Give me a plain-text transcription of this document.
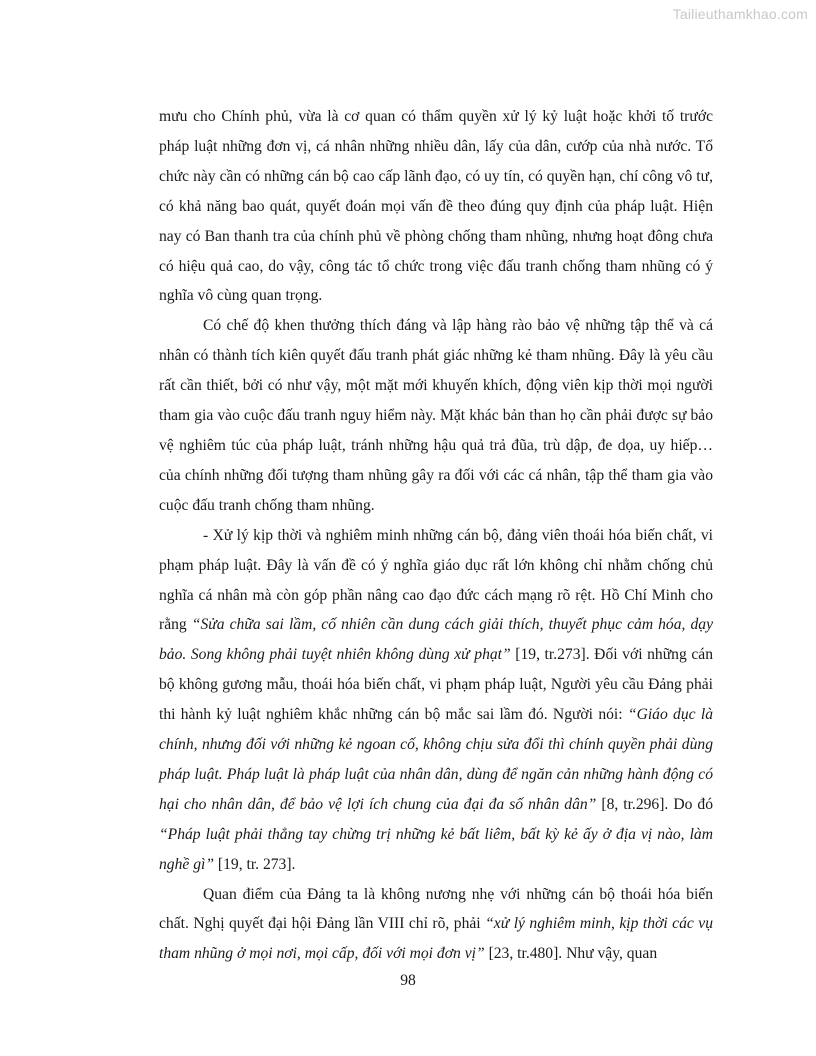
Tailieuthamkhao.com

mưu cho Chính phủ, vừa là cơ quan có thẩm quyền xử lý kỷ luật hoặc khởi tố trước pháp luật những đơn vị, cá nhân những nhiều dân, lấy của dân, cướp của nhà nước. Tổ chức này cần có những cán bộ cao cấp lãnh đạo, có uy tín, có quyền hạn, chí công vô tư, có khả năng bao quát, quyết đoán mọi vấn đề theo đúng quy định của pháp luật. Hiện nay có Ban thanh tra của chính phủ về phòng chống tham nhũng, nhưng hoạt đông chưa có hiệu quả cao, do vậy, công tác tổ chức trong việc đấu tranh chống tham nhũng có ý nghĩa vô cùng quan trọng.

Có chế độ khen thưởng thích đáng và lập hàng rào bảo vệ những tập thể và cá nhân có thành tích kiên quyết đấu tranh phát giác những kẻ tham nhũng. Đây là yêu cầu rất cần thiết, bởi có như vậy, một mặt mới khuyến khích, động viên kịp thời mọi người tham gia vào cuộc đấu tranh nguy hiểm này. Mặt khác bản than họ cần phải được sự bảo vệ nghiêm túc của pháp luật, tránh những hậu quả trả đũa, trù dập, đe dọa, uy hiếp… của chính những đối tượng tham nhũng gây ra đối với các cá nhân, tập thể tham gia vào cuộc đấu tranh chống tham nhũng.

- Xử lý kịp thời và nghiêm minh những cán bộ, đảng viên thoái hóa biến chất, vi phạm pháp luật. Đây là vấn đề có ý nghĩa giáo dục rất lớn không chỉ nhằm chống chủ nghĩa cá nhân mà còn góp phần nâng cao đạo đức cách mạng rõ rệt. Hồ Chí Minh cho rằng “Sửa chữa sai lầm, cố nhiên cần dung cách giải thích, thuyết phục cảm hóa, dạy bảo. Song không phải tuyệt nhiên không dùng xử phạt” [19, tr.273]. Đối với những cán bộ không gương mẫu, thoái hóa biến chất, vi phạm pháp luật, Người yêu cầu Đảng phải thi hành kỷ luật nghiêm khắc những cán bộ mắc sai lầm đó. Người nói: “Giáo dục là chính, nhưng đối với những kẻ ngoan cố, không chịu sửa đổi thì chính quyền phải dùng pháp luật. Pháp luật là pháp luật của nhân dân, dùng để ngăn cản những hành động có hại cho nhân dân, để bảo vệ lợi ích chung của đại đa số nhân dân” [8, tr.296]. Do đó “Pháp luật phải thẳng tay chừng trị những kẻ bất liêm, bất kỳ kẻ ấy ở địa vị nào, làm nghề gì” [19, tr. 273].

Quan điểm của Đảng ta là không nương nhẹ với những cán bộ thoái hóa biến chất. Nghị quyết đại hội Đảng lần VIII chỉ rõ, phải “xử lý nghiêm minh, kịp thời các vụ tham nhũng ở mọi nơi, mọi cấp, đối với mọi đơn vị” [23, tr.480]. Như vậy, quan

98
